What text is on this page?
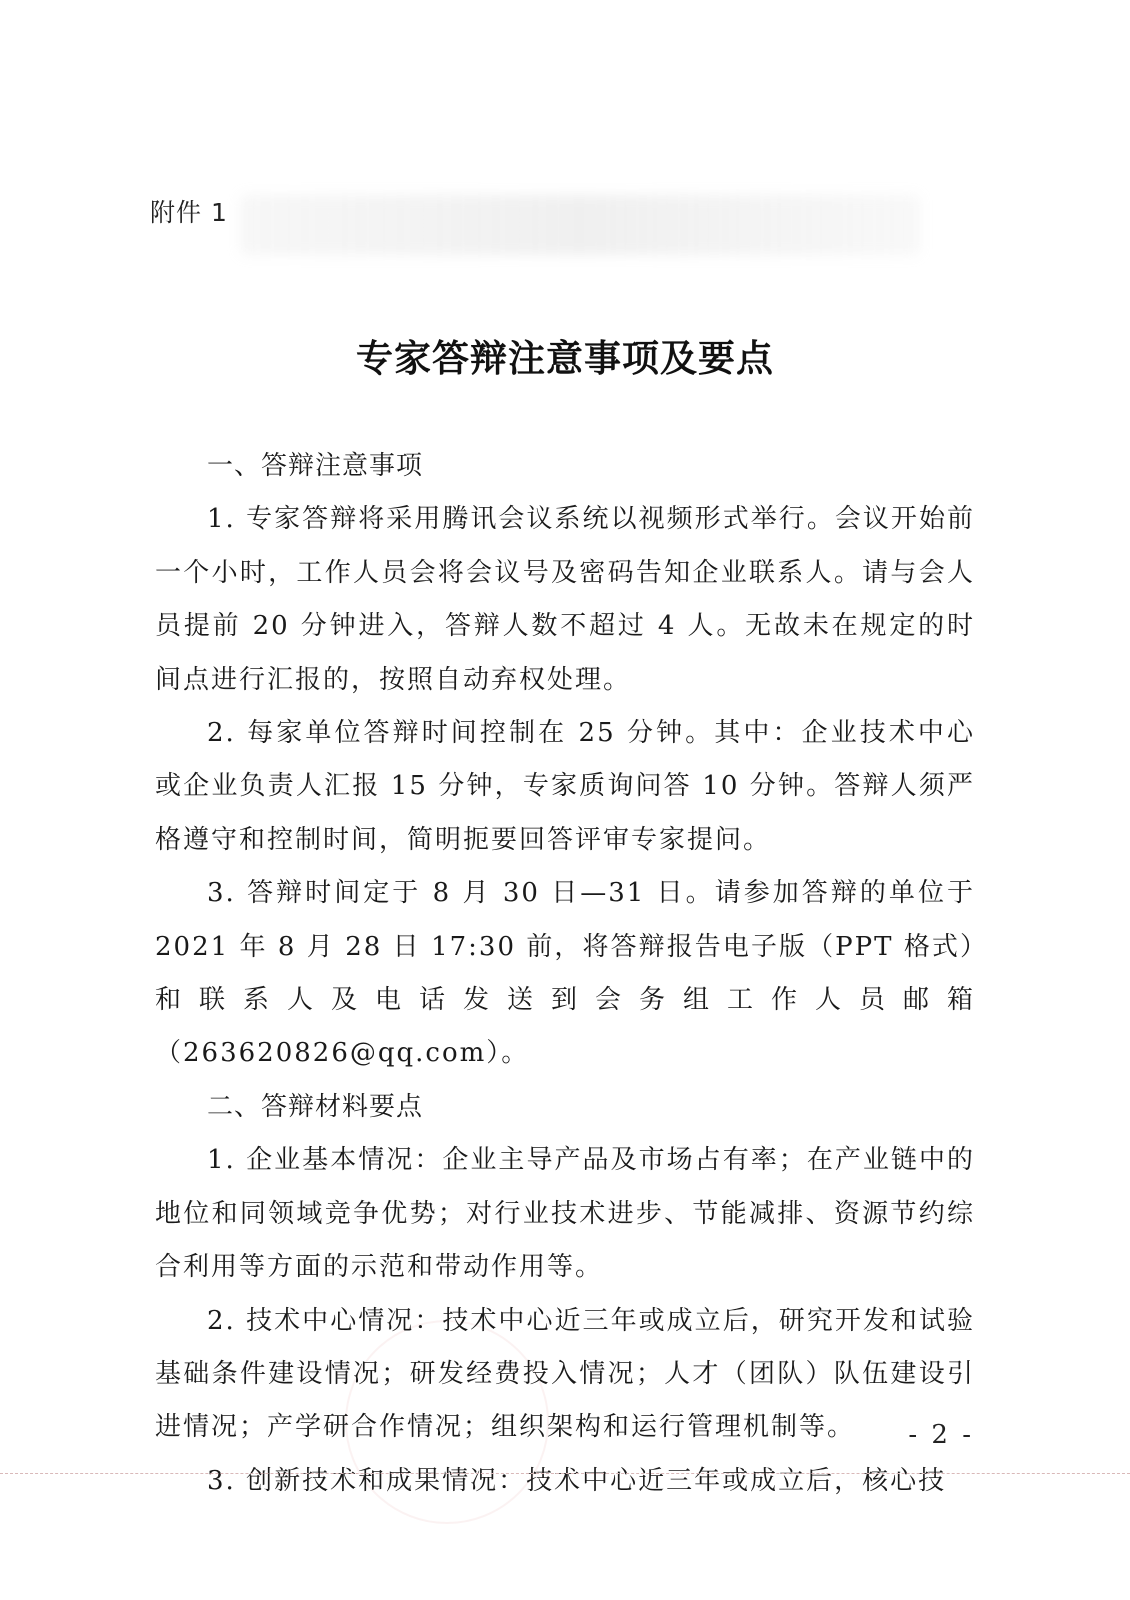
附件 1
专家答辩注意事项及要点
一、答辩注意事项
1. 专家答辩将采用腾讯会议系统以视频形式举行。会议开始前一个小时，工作人员会将会议号及密码告知企业联系人。请与会人员提前 20 分钟进入，答辩人数不超过 4 人。无故未在规定的时间点进行汇报的，按照自动弃权处理。
2. 每家单位答辩时间控制在 25 分钟。其中：企业技术中心或企业负责人汇报 15 分钟，专家质询问答 10 分钟。答辩人须严格遵守和控制时间，简明扼要回答评审专家提问。
3. 答辩时间定于 8 月 30 日—31 日。请参加答辩的单位于 2021 年 8 月 28 日 17:30 前，将答辩报告电子版（PPT 格式）和联系人及电话发送到会务组工作人员邮箱（263620826@qq.com）。
二、答辩材料要点
1. 企业基本情况：企业主导产品及市场占有率；在产业链中的地位和同领域竞争优势；对行业技术进步、节能减排、资源节约综合利用等方面的示范和带动作用等。
2. 技术中心情况：技术中心近三年或成立后，研究开发和试验基础条件建设情况；研发经费投入情况；人才（团队）队伍建设引进情况；产学研合作情况；组织架构和运行管理机制等。
3. 创新技术和成果情况：技术中心近三年或成立后，核心技
- 2 -
